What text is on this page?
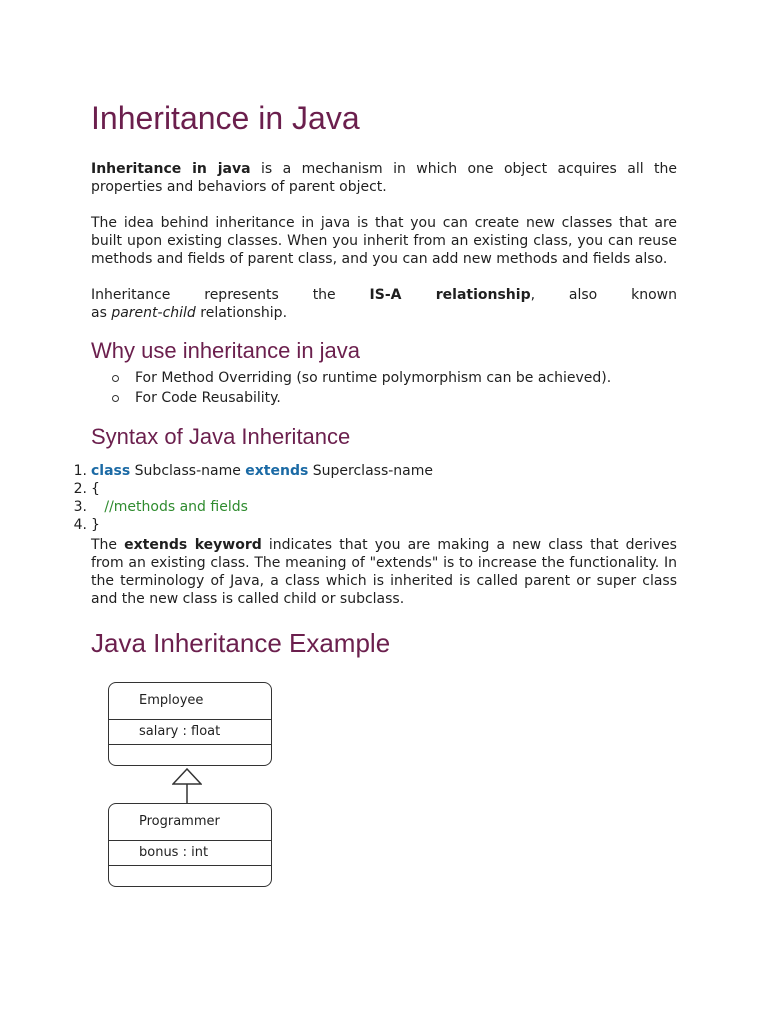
Inheritance in Java

Inheritance in java is a mechanism in which one object acquires all the properties and behaviors of parent object.

The idea behind inheritance in java is that you can create new classes that are built upon existing classes. When you inherit from an existing class, you can reuse methods and fields of parent class, and you can add new methods and fields also.

Inheritance represents the IS-A relationship, also known

as parent-child relationship.

Why use inheritance in java
For Method Overriding (so runtime polymorphism can be achieved).
For Code Reusability.
Syntax of Java Inheritance
1. class Subclass-name extends Superclass-name
2. {
3. //methods and fields
4. }

The extends keyword indicates that you are making a new class that derives from an existing class. The meaning of "extends" is to increase the functionality. In the terminology of Java, a class which is inherited is called parent or super class and the new class is called child or subclass.

Java Inheritance Example
Employee
salary : float
Programmer
bonus : int
